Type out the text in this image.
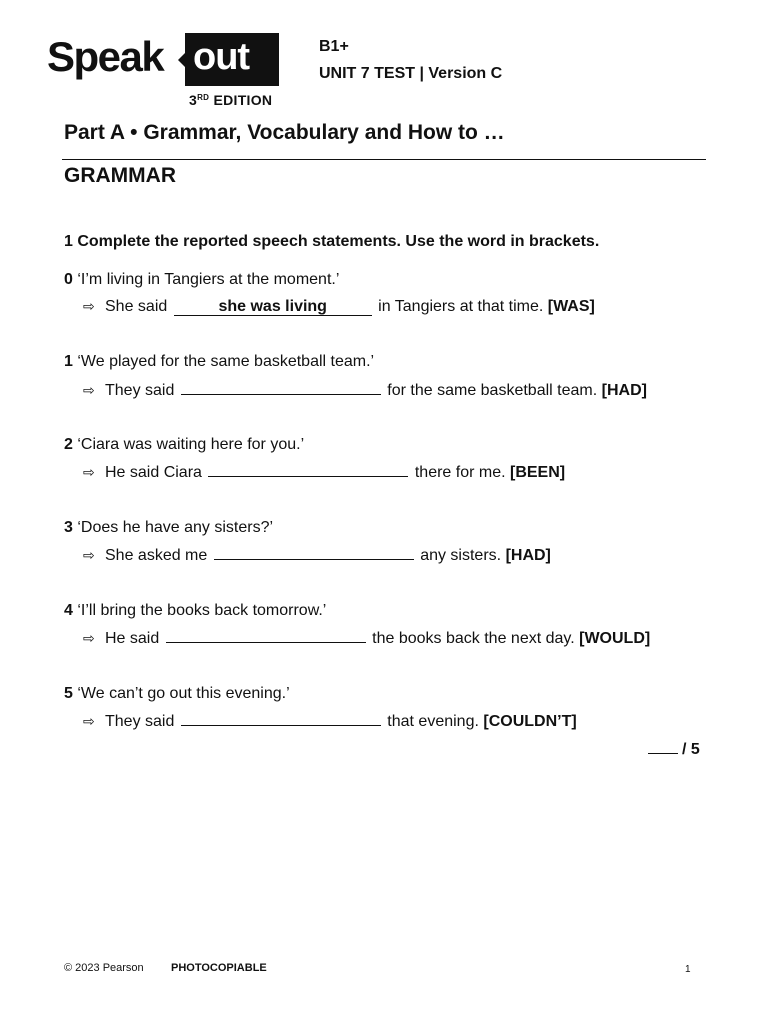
Speak out
3RD EDITION
B1+
UNIT 7 TEST | Version C
Part A • Grammar, Vocabulary and How to …
GRAMMAR
1 Complete the reported speech statements. Use the word in brackets.
0 ‘I’m living in Tangiers at the moment.’
⇨ She said	she was living	in Tangiers at that time. [WAS]
1 ‘We played for the same basketball team.’
⇨ They said	for the same basketball team. [HAD]
2 ‘Ciara was waiting here for you.’
⇨ He said Ciara	there for me. [BEEN]
3 ‘Does he have any sisters?’
⇨ She asked me	any sisters. [HAD]
4 ‘I’ll bring the books back tomorrow.’
⇨ He said	the books back the next day. [WOULD]
5 ‘We can’t go out this evening.’
⇨ They said	that evening. [COULDN’T]
/ 5
© 2023 Pearson PHOTOCOPIABLE	1
